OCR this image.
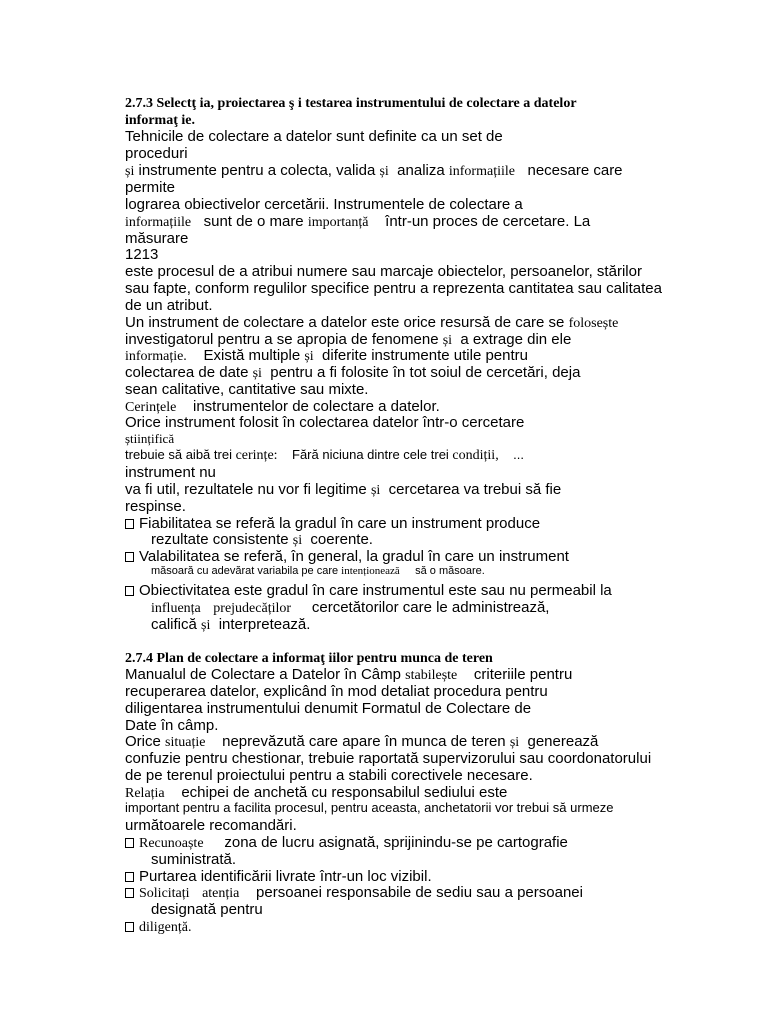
2.7.3 Selectţ ia, proiectarea ş i testarea instrumentului de colectare a datelor
informaţ ie.
Tehnicile de colectare a datelor sunt definite ca un set de
proceduri
și instrumente pentru a colecta, valida și  analiza informațiile   necesare care
permite
lograrea obiectivelor cercetării. Instrumentele de colectare a
informațiile   sunt de o mare importanță    într-un proces de cercetare. La
măsurare
1213
este procesul de a atribui numere sau marcaje obiectelor, persoanelor, stărilor
sau fapte, conform regulilor specifice pentru a reprezenta cantitatea sau calitatea
de un atribut.
Un instrument de colectare a datelor este orice resursă de care se folosește
investigatorul pentru a se apropia de fenomene și  a extrage din ele
informație.    Există multiple și  diferite instrumente utile pentru
colectarea de date și  pentru a fi folosite în tot soiul de cercetări, deja
sean calitative, cantitative sau mixte.
Cerințele    instrumentelor de colectare a datelor.
Orice instrument folosit în colectarea datelor într-o cercetare
științifică
trebuie să aibă trei cerințe:    Fără niciuna dintre cele trei condiții,    ...
instrument nu
va fi util, rezultatele nu vor fi legitime și  cercetarea va trebui să fie
respinse.
Fiabilitatea se referă la gradul în care un instrument produce
rezultate consistente și  coerente.
Valabilitatea se referă, în general, la gradul în care un instrument
măsoară cu adevărat variabila pe care intenționează     să o măsoare.
Obiectivitatea este gradul în care instrumentul este sau nu permeabil la
influența prejudecăților     cercetătorilor care le administrează,
califică și  interpretează.
2.7.4 Plan de colectare a informaţ iilor pentru munca de teren
Manualul de Colectare a Datelor în Câmp stabilește    criteriile pentru
recuperarea datelor, explicând în mod detaliat procedura pentru
diligentarea instrumentului denumit Formatul de Colectare de
Date în câmp.
Orice situație    neprevăzută care apare în munca de teren și  generează
confuzie pentru chestionar, trebuie raportată supervizorului sau coordonatorului
de pe terenul proiectului pentru a stabili corectivele necesare.
Relația    echipei de anchetă cu responsabilul sediului este
important pentru a facilita procesul, pentru aceasta, anchetatorii vor trebui să urmeze
următoarele recomandări.
Recunoaște     zona de lucru asignată, sprijinindu-se pe cartografie
suministrată.
Purtarea identificării livrate într-un loc vizibil.
Solicitați atenția    persoanei responsabile de sediu sau a persoanei
designată pentru
diligență.
